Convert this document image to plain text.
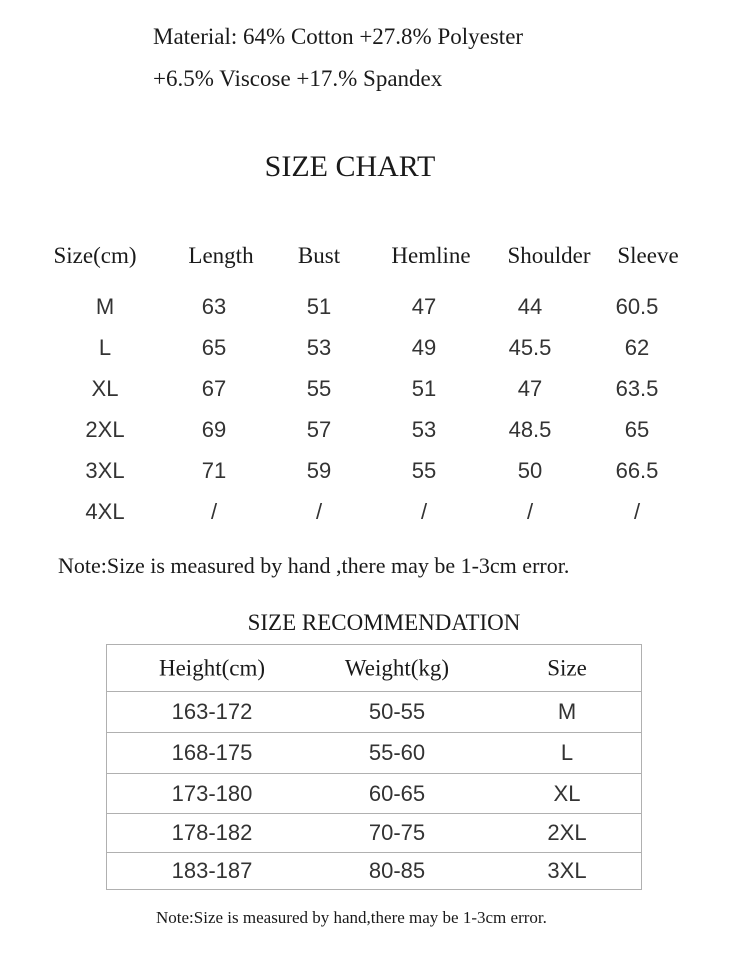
Material: 64% Cotton +27.8% Polyester
+6.5% Viscose +17.% Spandex
SIZE CHART
Size(cm) Length Bust Hemline Shoulder Sleeve
M	63	51	47	44	60.5
L	65	53	49	45.5	62
XL	67	55	51	47	63.5
2XL	69	57	53	48.5	65
3XL	71	59	55	50	66.5
4XL	/	/	/	/	/
Note:Size is measured by hand ,there may be 1-3cm error.
SIZE RECOMMENDATION
Height(cm)	Weight(kg)	Size
163-172	50-55	M
168-175	55-60	L
173-180	60-65	XL
178-182	70-75	2XL
183-187	80-85	3XL
Note:Size is measured by hand,there may be 1-3cm error.
